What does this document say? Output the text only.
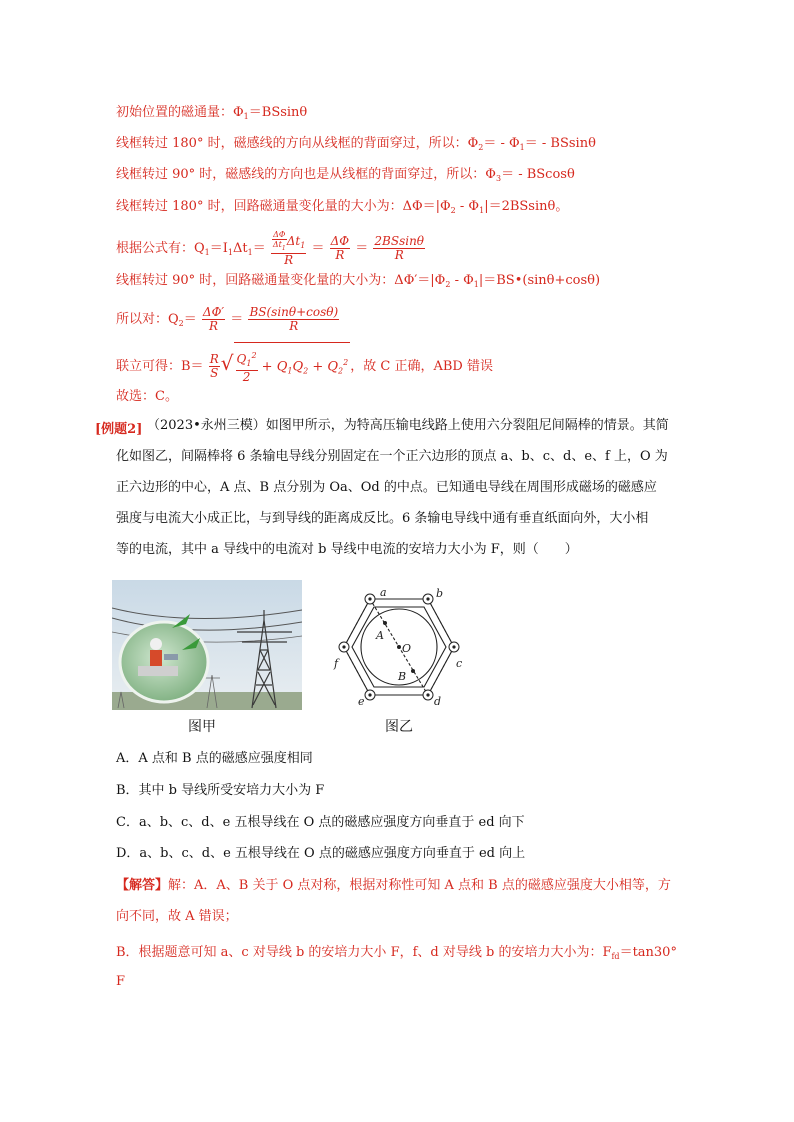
初始位置的磁通量：$\Phi_1=BSsin\theta$
线框转过 180° 时，磁感线的方向从线框的背面穿过，所以：$\Phi_2= - \Phi_1= - BSsin\theta$
线框转过 90° 时，磁感线的方向也是从线框的背面穿过，所以：$\Phi_3= - BScos\theta$
线框转过 180° 时，回路磁通量变化量的大小为：$\Delta\Phi=|\Phi_2 - \Phi_1|=2BSsin\theta$。
根据公式有：$Q_1=I_1\Delta t_1= \frac{\frac{\Delta\Phi}{\Delta t_1} \Delta t_1}{R} = \frac{\Delta\Phi}{R} = \frac{2BSsin\theta}{R}$
线框转过 90° 时，回路磁通量变化量的大小为：$\Delta\Phi'=|\Phi_2$ - $\Phi_1|=BS•(\sin\theta+\cos\theta)$
所以对：$Q_2= \frac{\Delta\Phi'}{R} = \frac{BS(\sin\theta+\cos\theta)}{R}$
联立可得：$B= \frac{R}{S}$ √ $\frac{Q_1^2}{2} + Q_1Q_2 + Q_2^2$ ，故 C 正确，ABD 错误
故选：C。
[例题2] （2023•永州三模）如图甲所示，为特高压输电线路上使用六分裂阻尼间隔棒的情景。其简
化如图乙，间隔棒将 6 条输电导线分别固定在一个正六边形的顶点 a、b、c、d、e、f 上，O 为
正六边形的中心，A 点、B 点分别为 Oa、Od 的中点。已知通电导线在周围形成磁场的磁感应
强度与电流大小成正比，与到导线的距离成反比。6 条输电导线中通有垂直纸面向外，大小相
等的电流，其中 a 导线中的电流对 b 导线中电流的安培力大小为 F，则（　　）
图甲
a	b
c
d
e
f
A
O
B
图乙
A．A 点和 B 点的磁感应强度相同
B．其中 b 导线所受安培力大小为 F
C．a、b、c、d、e 五根导线在 O 点的磁感应强度方向垂直于 ed 向下
D．a、b、c、d、e 五根导线在 O 点的磁感应强度方向垂直于 ed 向上
【解答】解：A．A、B 关于 O 点对称，根据对称性可知 A 点和 B 点的磁感应强度大小相等，方
向不同，故 A 错误；
B．根据题意可知 a、c 对导线 b 的安培力大小 F，f、d 对导线 b 的安培力大小为：$F_{fd}=\tan 30^\circ$
F
